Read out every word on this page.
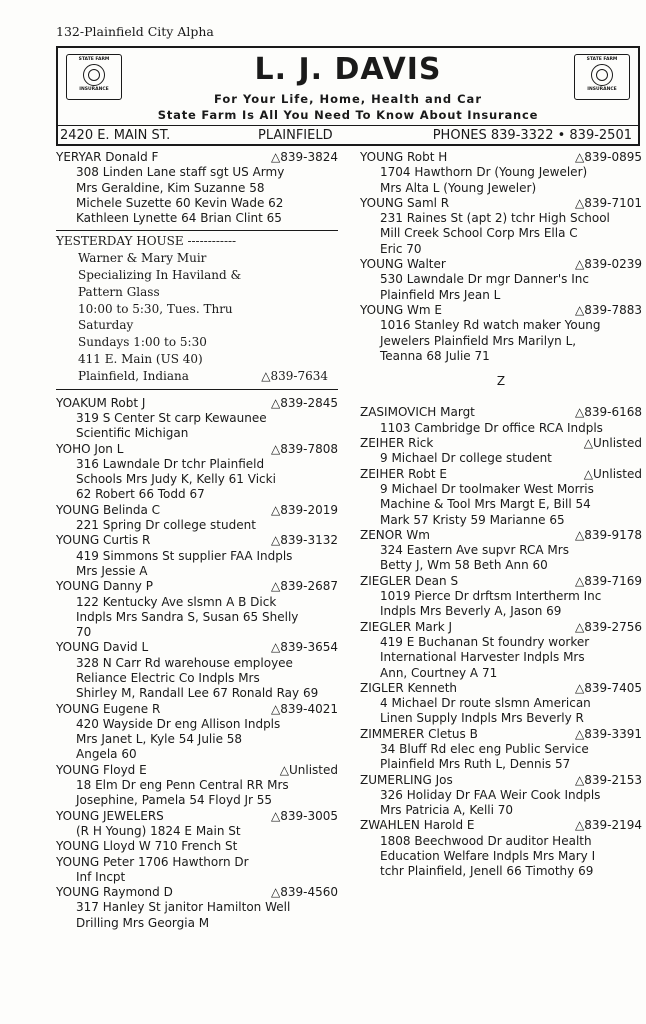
132-Plainfield City Alpha
STATE FARM
INSURANCE
STATE FARM
INSURANCE
L. J. DAVIS
For Your Life, Home, Health and Car
State Farm Is All You Need To Know About Insurance
2420 E. MAIN ST.	PLAINFIELD	PHONES 839-3322 • 839-2501
YERYAR Donald F	△839-3824
308 Linden Lane staff sgt US Army
Mrs Geraldine, Kim Suzanne 58
Michele Suzette 60 Kevin Wade 62
Kathleen Lynette 64 Brian Clint 65
YESTERDAY HOUSE ------------
Warner & Mary Muir
Specializing In Haviland &
Pattern Glass
10:00 to 5:30, Tues. Thru
Saturday
Sundays 1:00 to 5:30
411 E. Main (US 40)
Plainfield, Indiana	△839-7634
YOAKUM Robt J	△839-2845
319 S Center St carp Kewaunee
Scientific Michigan
YOHO Jon L	△839-7808
316 Lawndale Dr tchr Plainfield
Schools Mrs Judy K, Kelly 61 Vicki
62 Robert 66 Todd 67
YOUNG Belinda C	△839-2019
221 Spring Dr college student
YOUNG Curtis R	△839-3132
419 Simmons St supplier FAA Indpls
Mrs Jessie A
YOUNG Danny P	△839-2687
122 Kentucky Ave slsmn A B Dick
Indpls Mrs Sandra S, Susan 65 Shelly
70
YOUNG David L	△839-3654
328 N Carr Rd warehouse employee
Reliance Electric Co Indpls Mrs
Shirley M, Randall Lee 67 Ronald Ray 69
YOUNG Eugene R	△839-4021
420 Wayside Dr eng Allison Indpls
Mrs Janet L, Kyle 54 Julie 58
Angela 60
YOUNG Floyd E	△Unlisted
18 Elm Dr eng Penn Central RR Mrs
Josephine, Pamela 54 Floyd Jr 55
YOUNG JEWELERS	△839-3005
(R H Young) 1824 E Main St
YOUNG Lloyd W 710 French St
YOUNG Peter 1706 Hawthorn Dr
Inf Incpt
YOUNG Raymond D	△839-4560
317 Hanley St janitor Hamilton Well
Drilling Mrs Georgia M
YOUNG Robt H	△839-0895
1704 Hawthorn Dr (Young Jeweler)
Mrs Alta L (Young Jeweler)
YOUNG Saml R	△839-7101
231 Raines St (apt 2) tchr High School
Mill Creek School Corp Mrs Ella C
Eric 70
YOUNG Walter	△839-0239
530 Lawndale Dr mgr Danner's Inc
Plainfield Mrs Jean L
YOUNG Wm E	△839-7883
1016 Stanley Rd watch maker Young
Jewelers Plainfield Mrs Marilyn L,
Teanna 68 Julie 71
Z
ZASIMOVICH Margt	△839-6168
1103 Cambridge Dr office RCA Indpls
ZEIHER Rick	△Unlisted
9 Michael Dr college student
ZEIHER Robt E	△Unlisted
9 Michael Dr toolmaker West Morris
Machine & Tool Mrs Margt E, Bill 54
Mark 57 Kristy 59 Marianne 65
ZENOR Wm	△839-9178
324 Eastern Ave supvr RCA Mrs
Betty J, Wm 58 Beth Ann 60
ZIEGLER Dean S	△839-7169
1019 Pierce Dr drftsm Intertherm Inc
Indpls Mrs Beverly A, Jason 69
ZIEGLER Mark J	△839-2756
419 E Buchanan St foundry worker
International Harvester Indpls Mrs
Ann, Courtney A 71
ZIGLER Kenneth	△839-7405
4 Michael Dr route slsmn American
Linen Supply Indpls Mrs Beverly R
ZIMMERER Cletus B	△839-3391
34 Bluff Rd elec eng Public Service
Plainfield Mrs Ruth L, Dennis 57
ZUMERLING Jos	△839-2153
326 Holiday Dr FAA Weir Cook Indpls
Mrs Patricia A, Kelli 70
ZWAHLEN Harold E	△839-2194
1808 Beechwood Dr auditor Health
Education Welfare Indpls Mrs Mary I
tchr Plainfield, Jenell 66 Timothy 69
